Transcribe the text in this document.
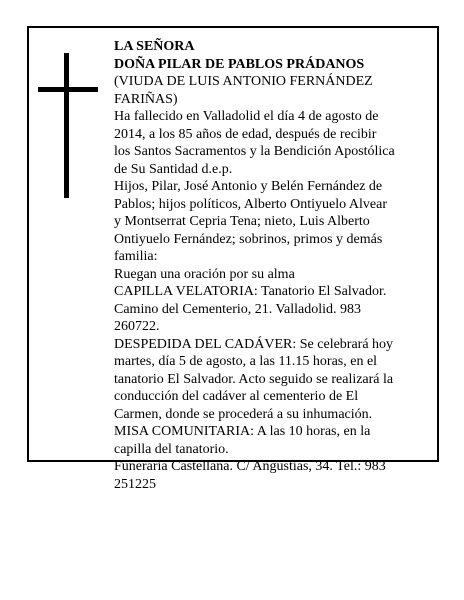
LA SEÑORA

DOÑA PILAR DE PABLOS PRÁDANOS

(VIUDA DE LUIS ANTONIO FERNÁNDEZ FARIÑAS)

Ha fallecido en Valladolid el día 4 de agosto de 2014, a los 85 años de edad, después de recibir los Santos Sacramentos y la Bendición Apostólica de Su Santidad d.e.p.

Hijos, Pilar, José Antonio y Belén Fernández de Pablos; hijos políticos, Alberto Ontiyuelo Alvear y Montserrat Cepria Tena; nieto, Luis Alberto Ontiyuelo Fernández; sobrinos, primos y demás familia:

Ruegan una oración por su alma

CAPILLA VELATORIA: Tanatorio El Salvador. Camino del Cementerio, 21. Valladolid. 983 260722.

DESPEDIDA DEL CADÁVER: Se celebrará hoy martes, día 5 de agosto, a las 11.15 horas, en el tanatorio El Salvador. Acto seguido se realizará la conducción del cadáver al cementerio de El Carmen, donde se procederá a su inhumación.

MISA COMUNITARIA: A las 10 horas, en la capilla del tanatorio.

Funeraria Castellana. C/ Angustias, 34. Tel.: 983 251225
